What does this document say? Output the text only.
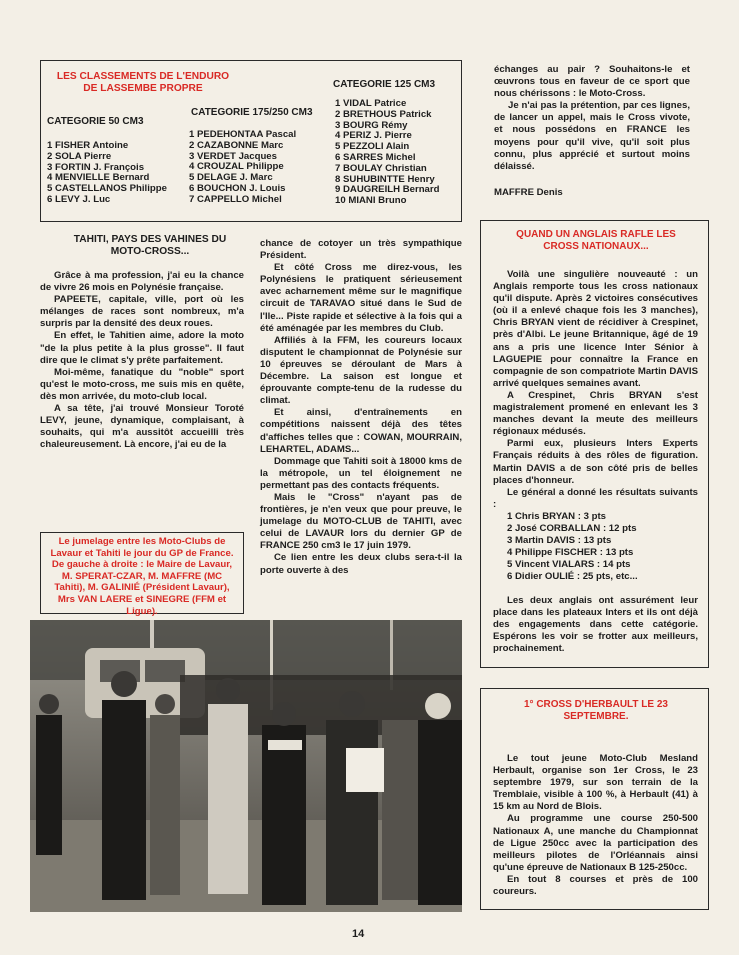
LES CLASSEMENTS DE L'ENDURO DE LASSEMBE PROPRE
CATEGORIE 50 CM3
1 FISHER Antoine
2 SOLA Pierre
3 FORTIN J. François
4 MENVIELLE Bernard
5 CASTELLANOS Philippe
6 LEVY J. Luc
CATEGORIE 175/250 CM3
1 PEDEHONTAA Pascal
2 CAZABONNE Marc
3 VERDET Jacques
4 CROUZAL Philippe
5 DELAGE J. Marc
6 BOUCHON J. Louis
7 CAPPELLO Michel
CATEGORIE 125 CM3
1 VIDAL Patrice
2 BRETHOUS Patrick
3 BOURG Rémy
4 PERIZ J. Pierre
5 PEZZOLI Alain
6 SARRES Michel
7 BOULAY Christian
8 SUHUBINTTE Henry
9 DAUGREILH Bernard
10 MIANI Bruno

échanges au pair ? Souhaitons-le et œuvrons tous en faveur de ce sport que nous chérissons : le Moto-Cross.

Je n'ai pas la prétention, par ces lignes, de lancer un appel, mais le Cross vivote, et nous possédons en FRANCE les moyens pour qu'il vive, qu'il soit plus connu, plus apprécié et surtout moins délaissé.

MAFFRE Denis

TAHITI, PAYS DES VAHINES DU MOTO-CROSS...

Grâce à ma profession, j'ai eu la chance de vivre 26 mois en Polynésie française.

PAPEETE, capitale, ville, port où les mélanges de races sont nombreux, m'a surpris par la densité des deux roues.

En effet, le Tahitien aime, adore la moto "de la plus petite à la plus grosse". Il faut dire que le climat s'y prête parfaitement.

Moi-même, fanatique du "noble" sport qu'est le moto-cross, me suis mis en quête, dès mon arrivée, du moto-club local.

A sa tête, j'ai trouvé Monsieur Toroté LEVY, jeune, dynamique, complaisant, à souhaits, qui m'a aussitôt accueilli très chaleureusement. Là encore, j'ai eu de la

chance de cotoyer un très sympathique Président.

Et côté Cross me direz-vous, les Polynésiens le pratiquent sérieusement avec acharnement même sur le magnifique circuit de TARAVAO situé dans le Sud de l'Ile... Piste rapide et sélective à la fois qui a été aménagée par les membres du Club.

Affiliés à la FFM, les coureurs locaux disputent le championnat de Polynésie sur 10 épreuves se déroulant de Mars à Décembre. La saison est longue et éprouvante compte-tenu de la rudesse du climat.

Et ainsi, d'entraînements en compétitions naissent déjà des têtes d'affiches telles que : COWAN, MOURRAIN, LEHARTEL, ADAMS...

Dommage que Tahiti soit à 18000 kms de la métropole, un tel éloignement ne permettant pas des contacts fréquents.

Mais le "Cross" n'ayant pas de frontières, je n'en veux que pour preuve, le jumelage du MOTO-CLUB de TAHITI, avec celui de LAVAUR lors du dernier GP de FRANCE 250 cm3 le 17 juin 1979.

Ce lien entre les deux clubs sera-t-il la porte ouverte à des

Le jumelage entre les Moto-Clubs de Lavaur et Tahiti le jour du GP de France. De gauche à droite : le Maire de Lavaur, M. SPERAT-CZAR, M. MAFFRE (MC Tahiti), M. GALINIÉ (Président Lavaur), Mrs VAN LAERE et SINEGRE (FFM et Ligue).
QUAND UN ANGLAIS RAFLE LES CROSS NATIONAUX...

Voilà une singulière nouveauté : un Anglais remporte tous les cross nationaux qu'il dispute. Après 2 victoires consécutives (où il a enlevé chaque fois les 3 manches), Chris BRYAN vient de récidiver à Crespinet, près d'Albi. Le jeune Britannique, âgé de 19 ans a pris une licence Inter Sénior à LAGUEPIE pour connaître la France en compagnie de son compatriote Martin DAVIS arrivé quelques semaines avant.

A Crespinet, Chris BRYAN s'est magistralement promené en enlevant les 3 manches devant la meute des meilleurs régionaux médusés.

Parmi eux, plusieurs Inters Experts Français réduits à des rôles de figuration. Martin DAVIS a de son côté pris de belles places d'honneur.

Le général a donné les résultats suivants :

1 Chris BRYAN : 3 pts
2 José CORBALLAN : 12 pts
3 Martin DAVIS : 13 pts
4 Philippe FISCHER : 13 pts
5 Vincent VIALARS : 14 pts
6 Didier OULIÉ : 25 pts, etc...

Les deux anglais ont assurément leur place dans les plateaux Inters et ils ont déjà des engagements dans cette catégorie. Espérons les voir se frotter aux meilleurs, prochainement.

1° CROSS D'HERBAULT LE 23 SEPTEMBRE.

Le tout jeune Moto-Club Mesland Herbault, organise son 1er Cross, le 23 septembre 1979, sur son terrain de la Tremblaie, visible à 100 %, à Herbault (41) à 15 km au Nord de Blois.

Au programme une course 250-500 Nationaux A, une manche du Championnat de Ligue 250cc avec la participation des meilleurs pilotes de l'Orléannais ainsi qu'une épreuve de Nationaux B 125-250cc.

En tout 8 courses et près de 100 coureurs.

14
